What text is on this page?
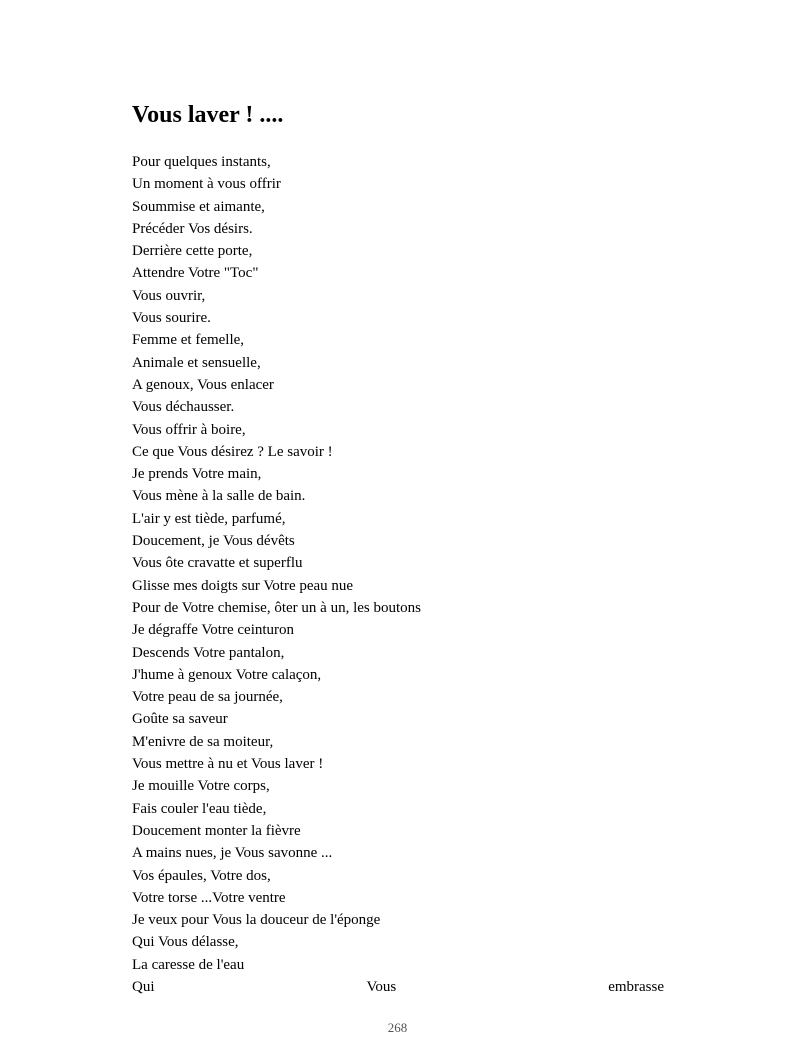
Vous laver ! ....
Pour quelques instants,
Un moment à vous offrir
Soummise et aimante,
Précéder Vos désirs.
Derrière cette porte,
Attendre Votre "Toc"
Vous ouvrir,
Vous sourire.
Femme et femelle,
Animale et sensuelle,
A genoux, Vous enlacer
Vous déchausser.
Vous offrir à boire,
Ce que Vous désirez ? Le savoir !
Je prends Votre main,
Vous mène à la salle de bain.
L'air y est tiède, parfumé,
Doucement, je Vous dévêts
Vous ôte cravatte et superflu
Glisse mes doigts sur Votre peau nue
Pour de Votre chemise, ôter un à un, les boutons
Je dégraffe Votre ceinturon
Descends Votre pantalon,
J'hume à genoux Votre calaçon,
Votre peau de sa journée,
Goûte sa saveur
M'enivre de sa moiteur,
Vous mettre à nu et Vous laver !
Je mouille Votre corps,
Fais couler l'eau tiède,
Doucement monter la fièvre
A mains nues, je Vous savonne ...
Vos épaules, Votre dos,
Votre torse ...Votre ventre
Je veux pour Vous la douceur de l'éponge
Qui Vous délasse,
La caresse de l'eau
Qui	Vous	embrasse
268
